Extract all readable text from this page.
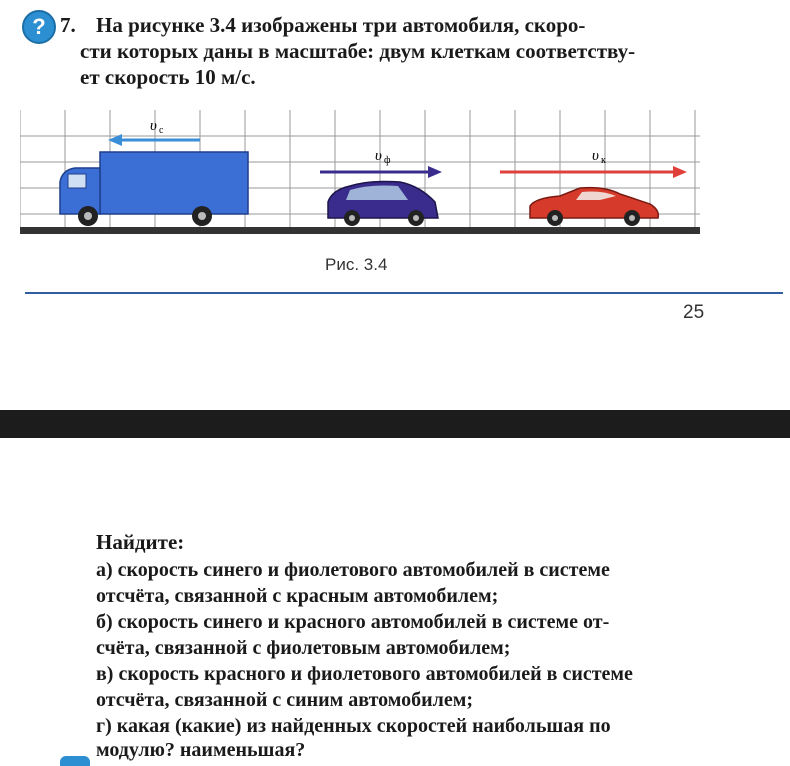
? 7. На рисунке 3.4 изображены три автомобиля, скоро-
сти которых даны в масштабе: двум клеткам соответству-
ет скорость 10 м/с.
υ с
υ ф	υ к
Рис. 3.4
25
Найдите:
а) скорость синего и фиолетового автомобилей в системе
отсчёта, связанной с красным автомобилем;
б) скорость синего и красного автомобилей в системе от-
счёта, связанной с фиолетовым автомобилем;
в) скорость красного и фиолетового автомобилей в системе
отсчёта, связанной с синим автомобилем;
г) какая (какие) из найденных скоростей наибольшая по
модулю? наименьшая?
